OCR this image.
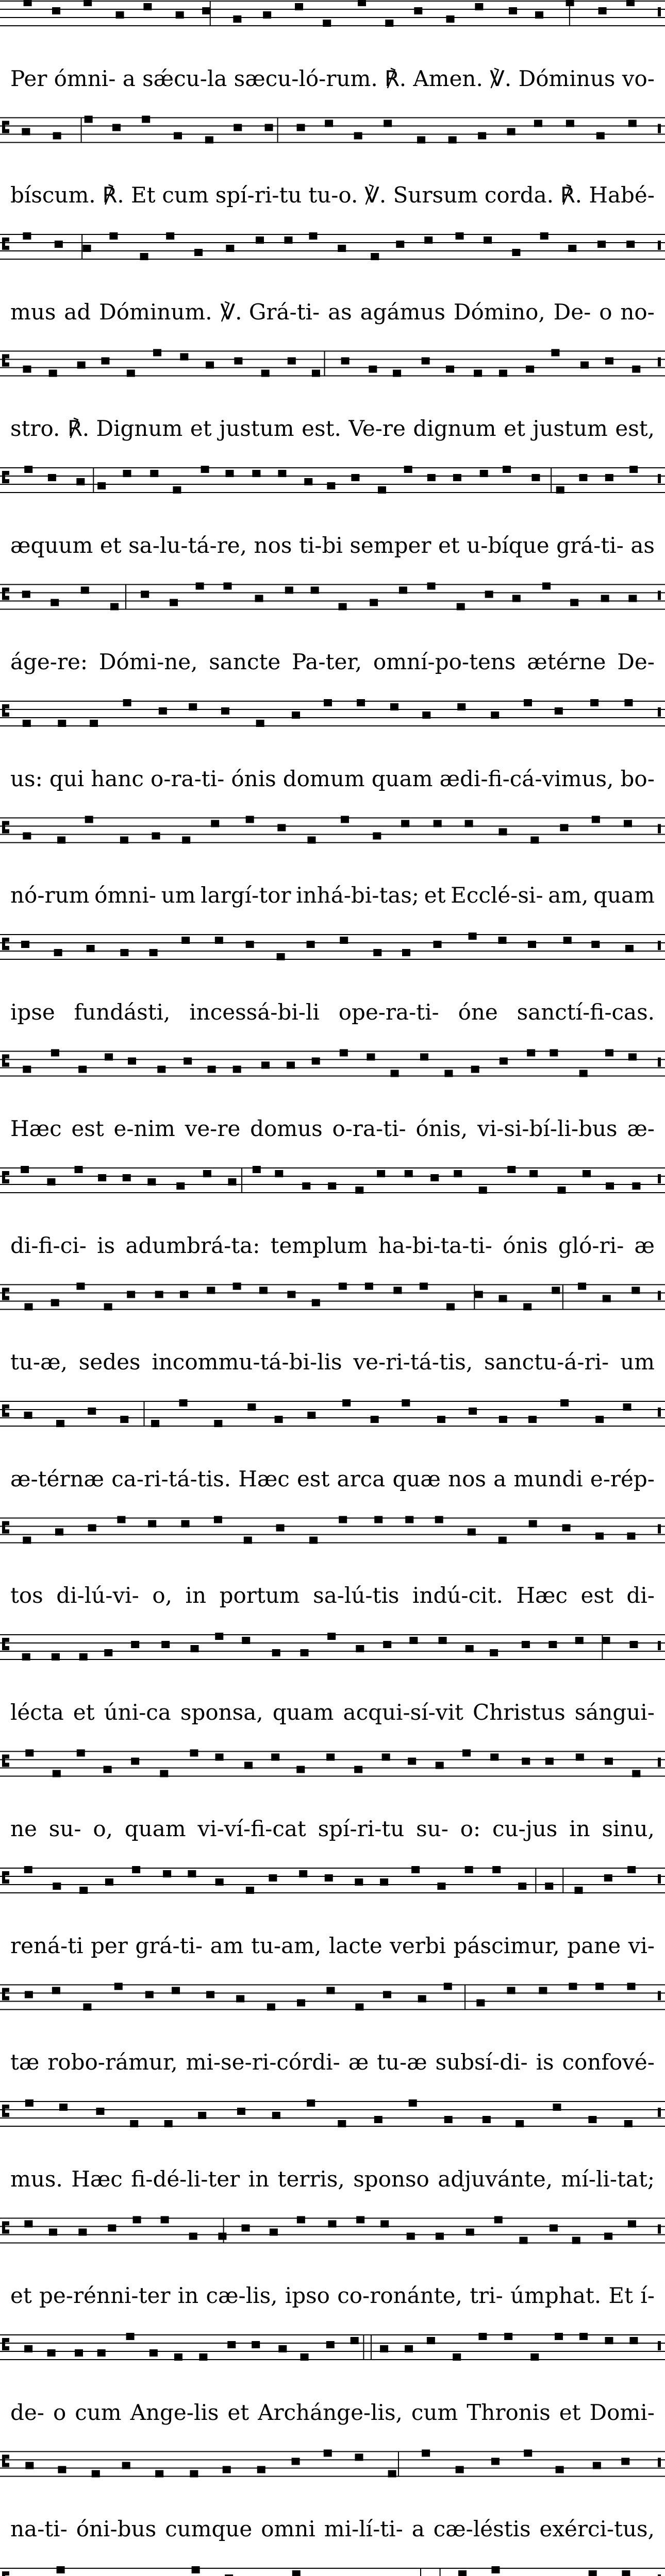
Per ómni- a sǽcu-la sæcu-ló-rum. ℟. Amen. ℣. Dóminus vo-
bíscum. ℟. Et cum spí-ri-tu tu-o. ℣. Sursum corda. ℟. Habé-
mus ad Dóminum. ℣. Grá-ti- as agámus Dómino, De- o no-
stro. ℟. Dignum et justum est. Ve-re dignum et justum est,
æquum et sa-lu-tá-re, nos ti-bi semper et u-bíque grá-ti- as
áge-re: Dómi-ne, sancte Pa-ter, omní-po-tens ætérne De-
us: qui hanc o-ra-ti- ónis domum quam ædi-fi-cá-vimus, bo-
nó-rum ómni- um largí-tor inhá-bi-tas; et Ecclé-si- am, quam
ipse fundásti, incessá-bi-li ope-ra-ti- óne sanctí-fi-cas.
Hæc est e-nim ve-re domus o-ra-ti- ónis, vi-si-bí-li-bus æ-
di-fi-ci- is adumbrá-ta: templum ha-bi-ta-ti- ónis gló-ri- æ
tu-æ, sedes incommu-tá-bi-lis ve-ri-tá-tis, sanctu-á-ri- um
æ-térnæ ca-ri-tá-tis. Hæc est arca quæ nos a mundi e-rép-
tos di-lú-vi- o, in portum sa-lú-tis indú-cit. Hæc est di-
lécta et úni-ca sponsa, quam acqui-sí-vit Christus sángui-
ne su- o, quam vi-ví-fi-cat spí-ri-tu su- o: cu-jus in sinu,
rená-ti per grá-ti- am tu-am, lacte verbi páscimur, pane vi-
tæ robo-rámur, mi-se-ri-córdi- æ tu-æ subsí-di- is confové-
mus. Hæc fi-dé-li-ter in terris, sponso adjuvánte, mí-li-tat;
et pe-rénni-ter in cæ-lis, ipso co-ronánte, tri- úmphat. Et í-
de- o cum Ange-lis et Archánge-lis, cum Thronis et Domi-
na-ti- óni-bus cumque omni mi-lí-ti- a cæ-léstis exérci-tus,
